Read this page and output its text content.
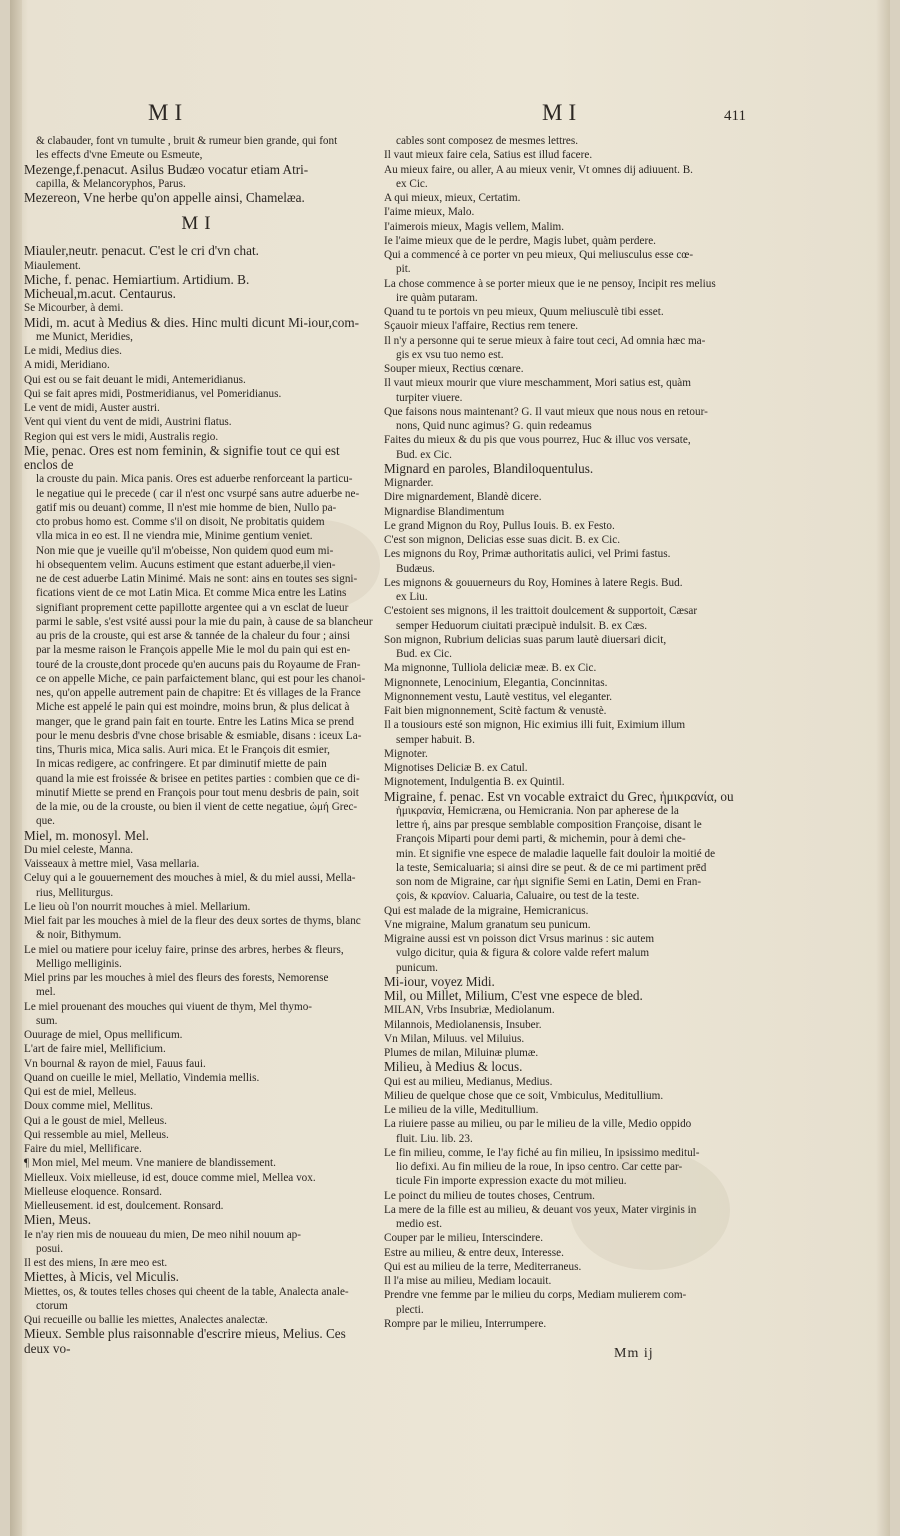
MI	MI	411

& clabauder, font vn tumulte , bruit & rumeur bien grande, qui font

les effects d'vne Emeute ou Esmeute,

Mezenge,f.penacut. Asilus Budæo vocatur etiam Atri-

capilla, & Melancoryphos, Parus.

Mezereon, Vne herbe qu'on appelle ainsi, Chamelæa.

MI

Miauler,neutr. penacut. C'est le cri d'vn chat.

Miaulement.

Miche, f. penac. Hemiartium. Artidium. B.

Micheual,m.acut. Centaurus.

Se Micourber, à demi.

Midi, m. acut à Medius & dies. Hinc multi dicunt Mi-iour,com-

me Munict, Meridies,

Le midi, Medius dies.

A midi, Meridiano.

Qui est ou se fait deuant le midi, Antemeridianus.

Qui se fait apres midi, Postmeridianus, vel Pomeridianus.

Le vent de midi, Auster austri.

Vent qui vient du vent de midi, Austrini flatus.

Region qui est vers le midi, Australis regio.

Mie, penac. Ores est nom feminin, & signifie tout ce qui est enclos de

la crouste du pain. Mica panis. Ores est aduerbe renforceant la particu-

le negatiue qui le precede ( car il n'est onc vsurpé sans autre aduerbe ne-

gatif mis ou deuant) comme, Il n'est mie homme de bien, Nullo pa-

cto probus homo est. Comme s'il on disoit, Ne probitatis quidem

vlla mica in eo est. Il ne viendra mie, Minime gentium veniet.

Non mie que je vueille qu'il m'obeisse, Non quidem quod eum mi-

hi obsequentem velim. Aucuns estiment que estant aduerbe,il vien-

ne de cest aduerbe Latin Minimé. Mais ne sont: ains en toutes ses signi-

fications vient de ce mot Latin Mica. Et comme Mica entre les Latins

signifiant proprement cette papillotte argentee qui a vn esclat de lueur

parmi le sable, s'est vsité aussi pour la mie du pain, à cause de sa blancheur

au pris de la crouste, qui est arse & tannée de la chaleur du four ; ainsi

par la mesme raison le François appelle Mie le mol du pain qui est en-

touré de la crouste,dont procede qu'en aucuns pais du Royaume de Fran-

ce on appelle Miche, ce pain parfaictement blanc, qui est pour les chanoi-

nes, qu'on appelle autrement pain de chapitre: Et és villages de la France

Miche est appelé le pain qui est moindre, moins brun, & plus delicat à

manger, que le grand pain fait en tourte. Entre les Latins Mica se prend

pour le menu desbris d'vne chose brisable & esmiable, disans : iceux La-

tins, Thuris mica, Mica salis. Auri mica. Et le François dit esmier,

In micas redigere, ac confringere. Et par diminutif miette de pain

quand la mie est froissée & brisee en petites parties : combien que ce di-

minutif Miette se prend en François pour tout menu desbris de pain, soit

de la mie, ou de la crouste, ou bien il vient de cette negatiue, ὡμή Grec-

que.

Miel, m. monosyl. Mel.

Du miel celeste, Manna.

Vaisseaux à mettre miel, Vasa mellaria.

Celuy qui a le gouuernement des mouches à miel, & du miel aussi, Mella-

rius, Melliturgus.

Le lieu où l'on nourrit mouches à miel. Mellarium.

Miel fait par les mouches à miel de la fleur des deux sortes de thyms, blanc

& noir, Bithymum.

Le miel ou matiere pour iceluy faire, prinse des arbres, herbes & fleurs,

Melligo melliginis.

Miel prins par les mouches à miel des fleurs des forests, Nemorense

mel.

Le miel prouenant des mouches qui viuent de thym, Mel thymo-

sum.

Ouurage de miel, Opus mellificum.

L'art de faire miel, Mellificium.

Vn bournal & rayon de miel, Fauus faui.

Quand on cueille le miel, Mellatio, Vindemia mellis.

Qui est de miel, Melleus.

Doux comme miel, Mellitus.

Qui a le goust de miel, Melleus.

Qui ressemble au miel, Melleus.

Faire du miel, Mellificare.

¶ Mon miel, Mel meum. Vne maniere de blandissement.

Mielleux. Voix mielleuse, id est, douce comme miel, Mellea vox.

Mielleuse eloquence. Ronsard.

Mielleusement. id est, doulcement. Ronsard.

Mien, Meus.

Ie n'ay rien mis de nouueau du mien, De meo nihil nouum ap-

posui.

Il est des miens, In ære meo est.

Miettes, à Micis, vel Miculis.

Miettes, os, & toutes telles choses qui cheent de la table, Analecta anale-

ctorum

Qui recueille ou ballie les miettes, Analectes analectæ.

Mieux. Semble plus raisonnable d'escrire mieus, Melius. Ces deux vo-

cables sont composez de mesmes lettres.

Il vaut mieux faire cela, Satius est illud facere.

Au mieux faire, ou aller, A au mieux venir, Vt omnes dij adiuuent. B.

ex Cic.

A qui mieux, mieux, Certatim.

I'aime mieux, Malo.

I'aimerois mieux, Magis vellem, Malim.

Ie l'aime mieux que de le perdre, Magis lubet, quàm perdere.

Qui a commencé à ce porter vn peu mieux, Qui meliusculus esse cœ-

pit.

La chose commence à se porter mieux que ie ne pensoy, Incipit res melius

ire quàm putaram.

Quand tu te portois vn peu mieux, Quum meliusculè tibi esset.

Sçauoir mieux l'affaire, Rectius rem tenere.

Il n'y a personne qui te serue mieux à faire tout ceci, Ad omnia hæc ma-

gis ex vsu tuo nemo est.

Souper mieux, Rectius cœnare.

Il vaut mieux mourir que viure meschamment, Mori satius est, quàm

turpiter viuere.

Que faisons nous maintenant? G. Il vaut mieux que nous nous en retour-

nons, Quid nunc agimus? G. quin redeamus

Faites du mieux & du pis que vous pourrez, Huc & illuc vos versate,

Bud. ex Cic.

Mignard en paroles, Blandiloquentulus.

Mignarder.

Dire mignardement, Blandè dicere.

Mignardise Blandimentum

Le grand Mignon du Roy, Pullus Iouis. B. ex Festo.

C'est son mignon, Delicias esse suas dicit. B. ex Cic.

Les mignons du Roy, Primæ authoritatis aulici, vel Primi fastus.

Budæus.

Les mignons & gouuerneurs du Roy, Homines à latere Regis. Bud.

ex Liu.

C'estoient ses mignons, il les traittoit doulcement & supportoit, Cæsar

semper Heduorum ciuitati præcipuè indulsit. B. ex Cæs.

Son mignon, Rubrium delicias suas parum lautè diuersari dicit,

Bud. ex Cic.

Ma mignonne, Tulliola deliciæ meæ. B. ex Cic.

Mignonnete, Lenocinium, Elegantia, Concinnitas.

Mignonnement vestu, Lautè vestitus, vel eleganter.

Fait bien mignonnement, Scitè factum & venustè.

Il a tousiours esté son mignon, Hic eximius illi fuit, Eximium illum

semper habuit. B.

Mignoter.

Mignotises Deliciæ B. ex Catul.

Mignotement, Indulgentia B. ex Quintil.

Migraine, f. penac. Est vn vocable extraict du Grec, ἡμικρανία, ou

ἡμικρανία, Hemicræna, ou Hemicrania. Non par apherese de la

lettre ή, ains par presque semblable composition Françoise, disant le

François Miparti pour demi parti, & michemin, pour à demi che-

min. Et signifie vne espece de maladie laquelle fait douloir la moitié de

la teste, Semicaluaria; si ainsi dire se peut. & de ce mi partiment prēd

son nom de Migraine, car ἡμι signifie Semi en Latin, Demi en Fran-

çois, & κρανίον. Caluaria, Caluaire, ou test de la teste.

Qui est malade de la migraine, Hemicranicus.

Vne migraine, Malum granatum seu punicum.

Migraine aussi est vn poisson dict Vrsus marinus : sic autem

vulgo dicitur, quia & figura & colore valde refert malum

punicum.

Mi-iour, voyez Midi.

Mil, ou Millet, Milium, C'est vne espece de bled.

MILAN, Vrbs Insubriæ, Mediolanum.

Milannois, Mediolanensis, Insuber.

Vn Milan, Miluus. vel Miluius.

Plumes de milan, Miluinæ plumæ.

Milieu, à Medius & locus.

Qui est au milieu, Medianus, Medius.

Milieu de quelque chose que ce soit, Vmbiculus, Meditullium.

Le milieu de la ville, Meditullium.

La riuiere passe au milieu, ou par le milieu de la ville, Medio oppido

fluit. Liu. lib. 23.

Le fin milieu, comme, Ie l'ay fiché au fin milieu, In ipsissimo meditul-

lio defixi. Au fin milieu de la roue, In ipso centro. Car cette par-

ticule Fin importe expression exacte du mot milieu.

Le poinct du milieu de toutes choses, Centrum.

La mere de la fille est au milieu, & deuant vos yeux, Mater virginis in

medio est.

Couper par le milieu, Interscindere.

Estre au milieu, & entre deux, Interesse.

Qui est au milieu de la terre, Mediterraneus.

Il l'a mise au milieu, Mediam locauit.

Prendre vne femme par le milieu du corps, Mediam mulierem com-

plecti.

Rompre par le milieu, Interrumpere.

Mm ij
